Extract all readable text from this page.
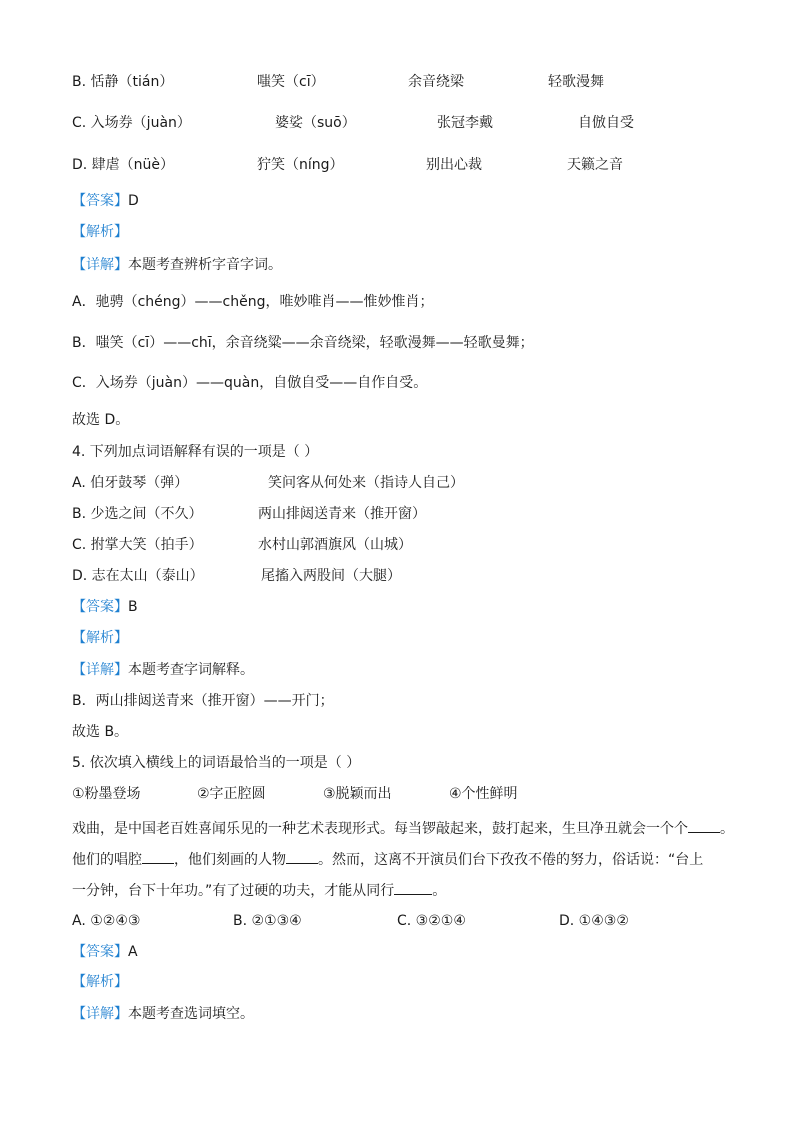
B. 恬静（tián）	嗤笑（cī）	余音绕梁	轻歌漫舞
C. 入场券（juàn）	婆娑（suō）	张冠李戴	自倣自受
D. 肆虐（nüè）	狞笑（níng）	别出心裁	天籁之音
【答案】D
【解析】
【详解】本题考查辨析字音字词。
A．驰骋（chéng）——chěng，唯妙唯肖——惟妙惟肖；
B．嗤笑（cī）——chī，余音绕粱——余音绕梁，轻歌漫舞——轻歌曼舞；
C．入场券（juàn）——quàn，自倣自受——自作自受。
故选 D。
4. 下列加点词语解释有误的一项是（ ）
A. 伯牙鼓琴（弹）	笑问客从何处来（指诗人自己）
B. 少选之间（不久）	两山排闼送青来（推开窗）
C. 拊掌大笑（拍手）	水村山郭酒旗风（山城）
D. 志在太山（泰山）	尾搐入两股间（大腿）
【答案】B
【解析】
【详解】本题考查字词解释。
B．两山排闼送青来（推开窗）——开门；
故选 B。
5. 依次填入横线上的词语最恰当的一项是（ ）
①粉墨登场	②字正腔圆	③脱颖而出	④个性鲜明
戏曲，是中国老百姓喜闻乐见的一种艺术表现形式。每当锣敲起来，鼓打起来，生旦净丑就会一个个 。
他们的唱腔 ，他们刻画的人物 。然而，这离不开演员们台下孜孜不倦的努力，俗话说：“台上
一分钟，台下十年功。”有了过硬的功夫，才能从同行	。
A. ①②④③	B. ②①③④	C. ③②①④	D. ①④③②
【答案】A
【解析】
【详解】本题考查选词填空。
